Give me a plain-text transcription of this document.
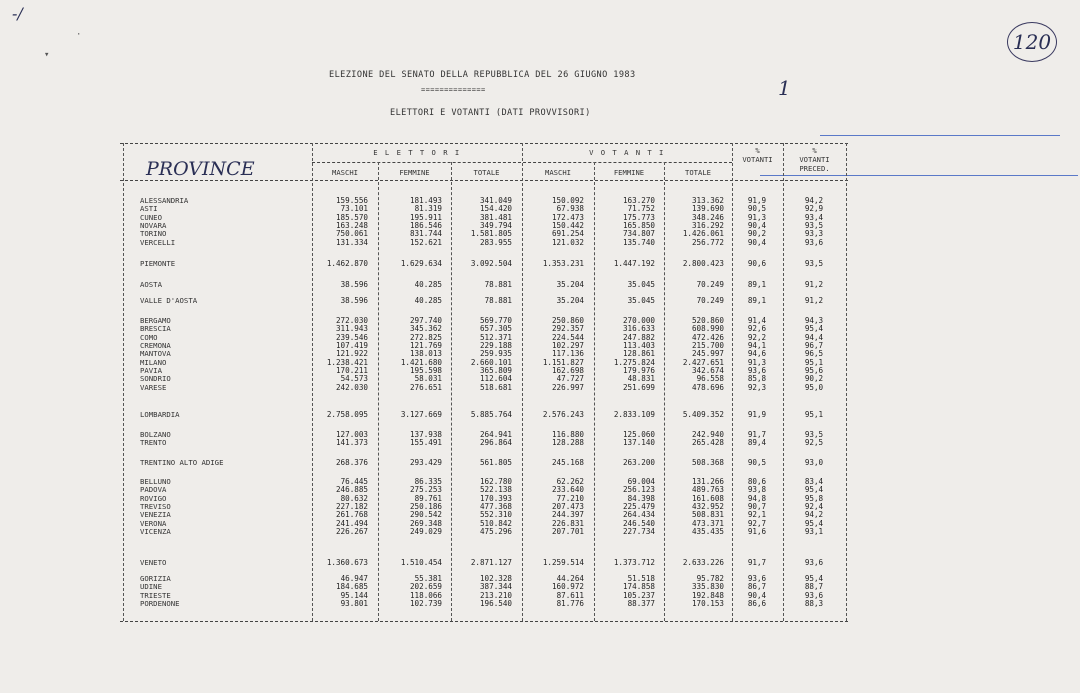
-/
▾
·	120
1
ELEZIONE DEL SENATO DELLA REPUBBLICA DEL 26 GIUGNO 1983
==============
ELETTORI E VOTANTI (DATI PROVVISORI)
PROVINCE
E L E T T O R I	V O T A N T I
MASCHI	FEMMINE	TOTALE	MASCHI	FEMMINE	TOTALE
%
VOTANTI
%
VOTANTI
PRECED.
ALESSANDRIA	159.556	181.493	341.049	150.092	163.270	313.362	91,9	94,2
ASTI	73.101	81.319	154.420	67.938	71.752	139.690	90,5	92,9
CUNEO	185.570	195.911	381.481	172.473	175.773	348.246	91,3	93,4
NOVARA	163.248	186.546	349.794	150.442	165.850	316.292	90,4	93,5
TORINO	750.061	831.744	1.581.805	691.254	734.807	1.426.061	90,2	93,3
VERCELLI	131.334	152.621	283.955	121.032	135.740	256.772	90,4	93,6
PIEMONTE	1.462.870	1.629.634	3.092.504	1.353.231	1.447.192	2.800.423	90,6	93,5
AOSTA	38.596	40.285	78.881	35.204	35.045	70.249	89,1	91,2
VALLE D'AOSTA	38.596	40.285	78.881	35.204	35.045	70.249	89,1	91,2
BERGAMO	272.030	297.740	569.770	250.860	270.000	520.860	91,4	94,3
BRESCIA	311.943	345.362	657.305	292.357	316.633	608.990	92,6	95,4
COMO	239.546	272.825	512.371	224.544	247.882	472.426	92,2	94,4
CREMONA	107.419	121.769	229.188	102.297	113.403	215.700	94,1	96,7
MANTOVA	121.922	138.013	259.935	117.136	128.861	245.997	94,6	96,5
MILANO	1.238.421	1.421.680	2.660.101	1.151.827	1.275.824	2.427.651	91,3	95,1
PAVIA	170.211	195.598	365.809	162.698	179.976	342.674	93,6	95,6
SONDRIO	54.573	58.031	112.604	47.727	48.831	96.558	85,8	90,2
VARESE	242.030	276.651	518.681	226.997	251.699	478.696	92,3	95,0
LOMBARDIA	2.758.095	3.127.669	5.885.764	2.576.243	2.833.109	5.409.352	91,9	95,1
BOLZANO	127.003	137.938	264.941	116.880	125.060	242.940	91,7	93,5
TRENTO	141.373	155.491	296.864	128.288	137.140	265.428	89,4	92,5
TRENTINO ALTO ADIGE	268.376	293.429	561.805	245.168	263.200	508.368	90,5	93,0
BELLUNO	76.445	86.335	162.780	62.262	69.004	131.266	80,6	83,4
PADOVA	246.885	275.253	522.138	233.640	256.123	489.763	93,8	95,4
ROVIGO	80.632	89.761	170.393	77.210	84.398	161.608	94,8	95,8
TREVISO	227.182	250.186	477.368	207.473	225.479	432.952	90,7	92,4
VENEZIA	261.768	290.542	552.310	244.397	264.434	508.831	92,1	94,2
VERONA	241.494	269.348	510.842	226.831	246.540	473.371	92,7	95,4
VICENZA	226.267	249.029	475.296	207.701	227.734	435.435	91,6	93,1
VENETO	1.360.673	1.510.454	2.871.127	1.259.514	1.373.712	2.633.226	91,7	93,6
GORIZIA	46.947	55.381	102.328	44.264	51.518	95.782	93,6	95,4
UDINE	184.685	202.659	387.344	160.972	174.858	335.830	86,7	88,7
TRIESTE	95.144	118.066	213.210	87.611	105.237	192.848	90,4	93,6
PORDENONE	93.801	102.739	196.540	81.776	88.377	170.153	86,6	88,3
